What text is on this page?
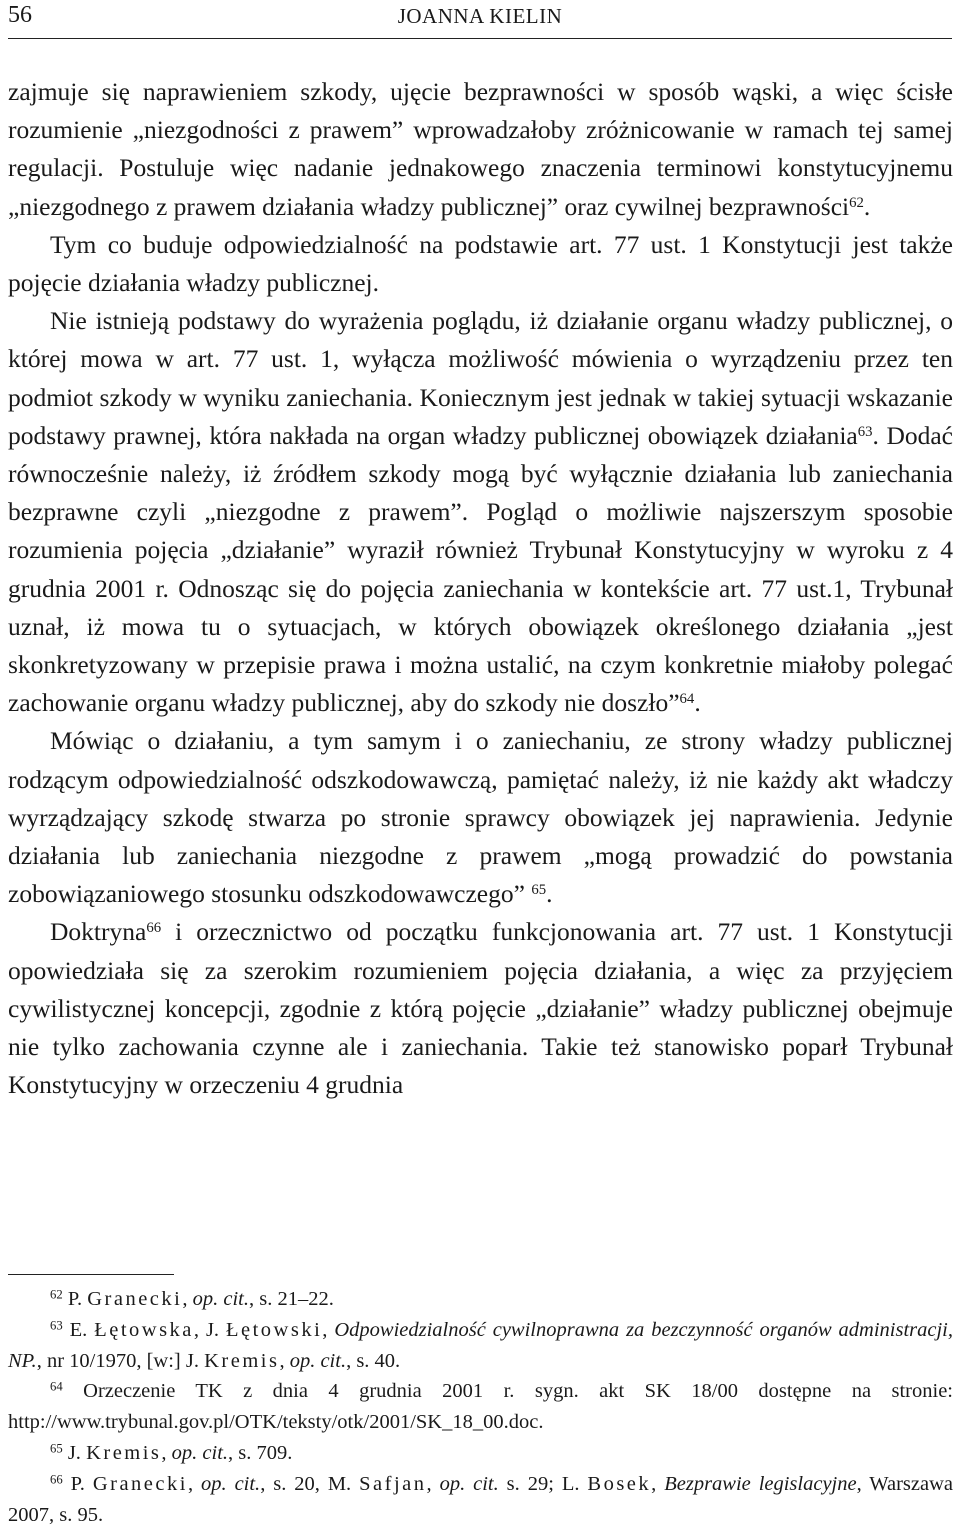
56	JOANNA KIELIN

zajmuje się naprawieniem szkody, ujęcie bezprawności w sposób wąski, a więc ścisłe rozumienie „niezgodności z prawem” wprowadzałoby zróżnicowanie w ramach tej samej regulacji. Postuluje więc nadanie jednakowego znaczenia terminowi konstytucyjnemu „niezgodnego z prawem działania władzy publicznej” oraz cywilnej bezprawności$^{62}$.

Tym co buduje odpowiedzialność na podstawie art. 77 ust. 1 Konstytucji jest także pojęcie działania władzy publicznej.

Nie istnieją podstawy do wyrażenia poglądu, iż działanie organu władzy publicznej, o której mowa w art. 77 ust. 1, wyłącza możliwość mówienia o wyrządzeniu przez ten podmiot szkody w wyniku zaniechania. Koniecznym jest jednak w takiej sytuacji wskazanie podstawy prawnej, która nakłada na organ władzy publicznej obowiązek działania$^{63}$. Dodać równocześnie należy, iż źródłem szkody mogą być wyłącznie działania lub zaniechania bezprawne czyli „niezgodne z prawem”. Pogląd o możliwie najszerszym sposobie rozumienia pojęcia „działanie” wyraził również Trybunał Konstytucyjny w wyroku z 4 grudnia 2001 r. Odnosząc się do pojęcia zaniechania w kontekście art. 77 ust.1, Trybunał uznał, iż mowa tu o sytuacjach, w których obowiązek określonego działania „jest skonkretyzowany w przepisie prawa i można ustalić, na czym konkretnie miałoby polegać zachowanie organu władzy publicznej, aby do szkody nie doszło”$^{64}$.

Mówiąc o działaniu, a tym samym i o zaniechaniu, ze strony władzy publicznej rodzącym odpowiedzialność odszkodowawczą, pamiętać należy, iż nie każdy akt władczy wyrządzający szkodę stwarza po stronie sprawcy obowiązek jej naprawienia. Jedynie działania lub zaniechania niezgodne z prawem „mogą prowadzić do powstania zobowiązaniowego stosunku odszkodowawczego” $^{65}$.

Doktryna$^{66}$ i orzecznictwo od początku funkcjonowania art. 77 ust. 1 Konstytucji opowiedziała się za szerokim rozumieniem pojęcia działania, a więc za przyjęciem cywilistycznej koncepcji, zgodnie z którą pojęcie „działanie” władzy publicznej obejmuje nie tylko zachowania czynne ale i zaniechania. Takie też stanowisko poparł Trybunał Konstytucyjny w orzeczeniu 4 grudnia

$^{62}$ P. Granecki, op. cit., s. 21–22.

$^{63}$ E. Łętowska, J. Łętowski, Odpowiedzialność cywilnoprawna za bezczynność organów administracji, NP., nr 10/1970, [w:] J. Kremis, op. cit., s. 40.

$^{64}$ Orzeczenie TK z dnia 4 grudnia 2001 r. sygn. akt SK 18/00 dostępne na stronie: http://www.trybunal.gov.pl/OTK/teksty/otk/2001/SK_18_00.doc.

$^{65}$ J. Kremis, op. cit., s. 709.

$^{66}$ P. Granecki, op. cit., s. 20, M. Safjan, op. cit. s. 29; L. Bosek, Bezprawie legislacyjne, Warszawa 2007, s. 95.
